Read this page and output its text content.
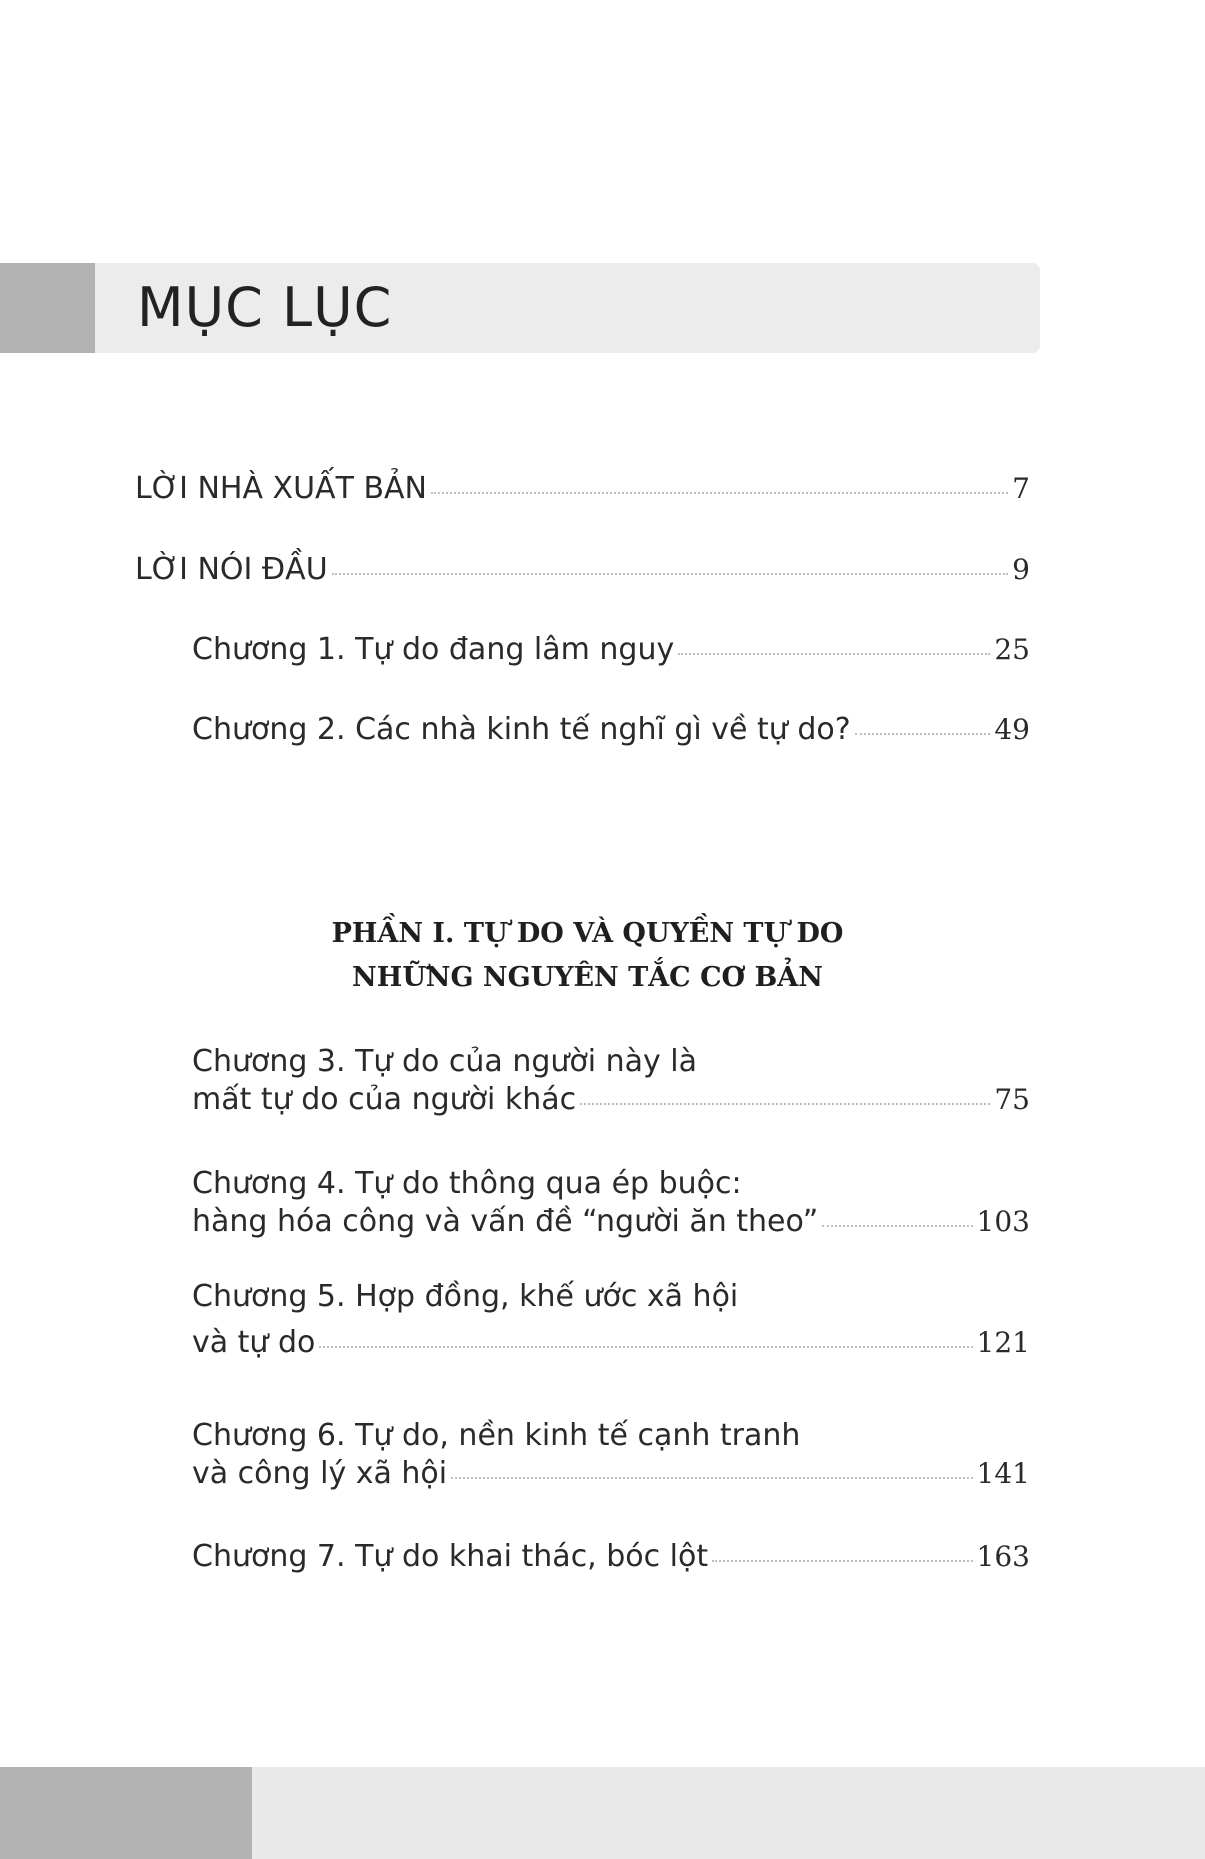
MỤC LỤC
LỜI NHÀ XUẤT BẢN	7
LỜI NÓI ĐẦU	9
Chương 1. Tự do đang lâm nguy	25
Chương 2. Các nhà kinh tế nghĩ gì về tự do?	49
PHẦN I. TỰ DO VÀ QUYỀN TỰ DO
NHỮNG NGUYÊN TẮC CƠ BẢN
Chương 3. Tự do của người này là
mất tự do của người khác	75
Chương 4. Tự do thông qua ép buộc:
hàng hóa công và vấn đề “người ăn theo”	103
Chương 5. Hợp đồng, khế ước xã hội
và tự do	121
Chương 6. Tự do, nền kinh tế cạnh tranh
và công lý xã hội	141
Chương 7. Tự do khai thác, bóc lột	163
